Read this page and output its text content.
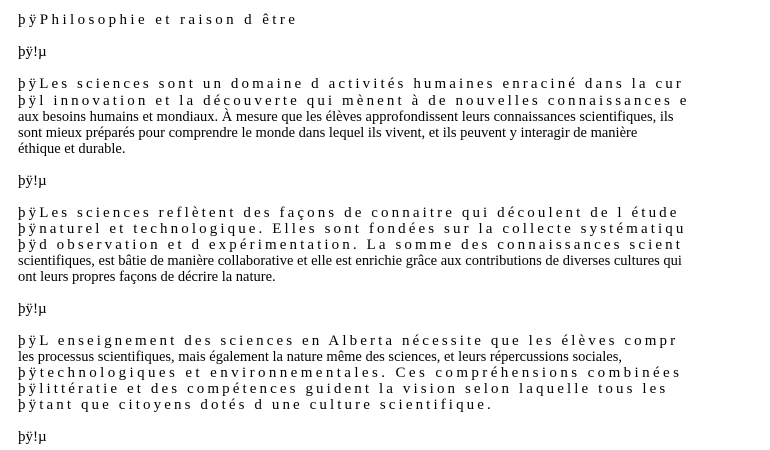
þÿPhilosophie et raison d être
þÿ!µ
þÿLes sciences sont un domaine d activités humaines enraciné dans la cur
þÿl innovation et la découverte qui mènent à de nouvelles connaissances e
aux besoins humains et mondiaux. À mesure que les élèves approfondissent leurs connaissances scientifiques, ils
sont mieux préparés pour comprendre le monde dans lequel ils vivent, et ils peuvent y interagir de manière
éthique et durable.
þÿ!µ
þÿLes sciences reflètent des façons de connaitre qui découlent de l étude
þÿnaturel et technologique. Elles sont fondées sur la collecte systématiqu
þÿd observation et d expérimentation. La somme des connaissances scient
scientifiques, est bâtie de manière collaborative et elle est enrichie grâce aux contributions de diverses cultures qui
ont leurs propres façons de décrire la nature.
þÿ!µ
þÿL enseignement des sciences en Alberta nécessite que les élèves compr
les processus scientifiques, mais également la nature même des sciences, et leurs répercussions sociales,
þÿtechnologiques et environnementales. Ces compréhensions combinées
þÿlittératie et des compétences guident la vision selon laquelle tous les
þÿtant que citoyens dotés d une culture scientifique.
þÿ!µ
